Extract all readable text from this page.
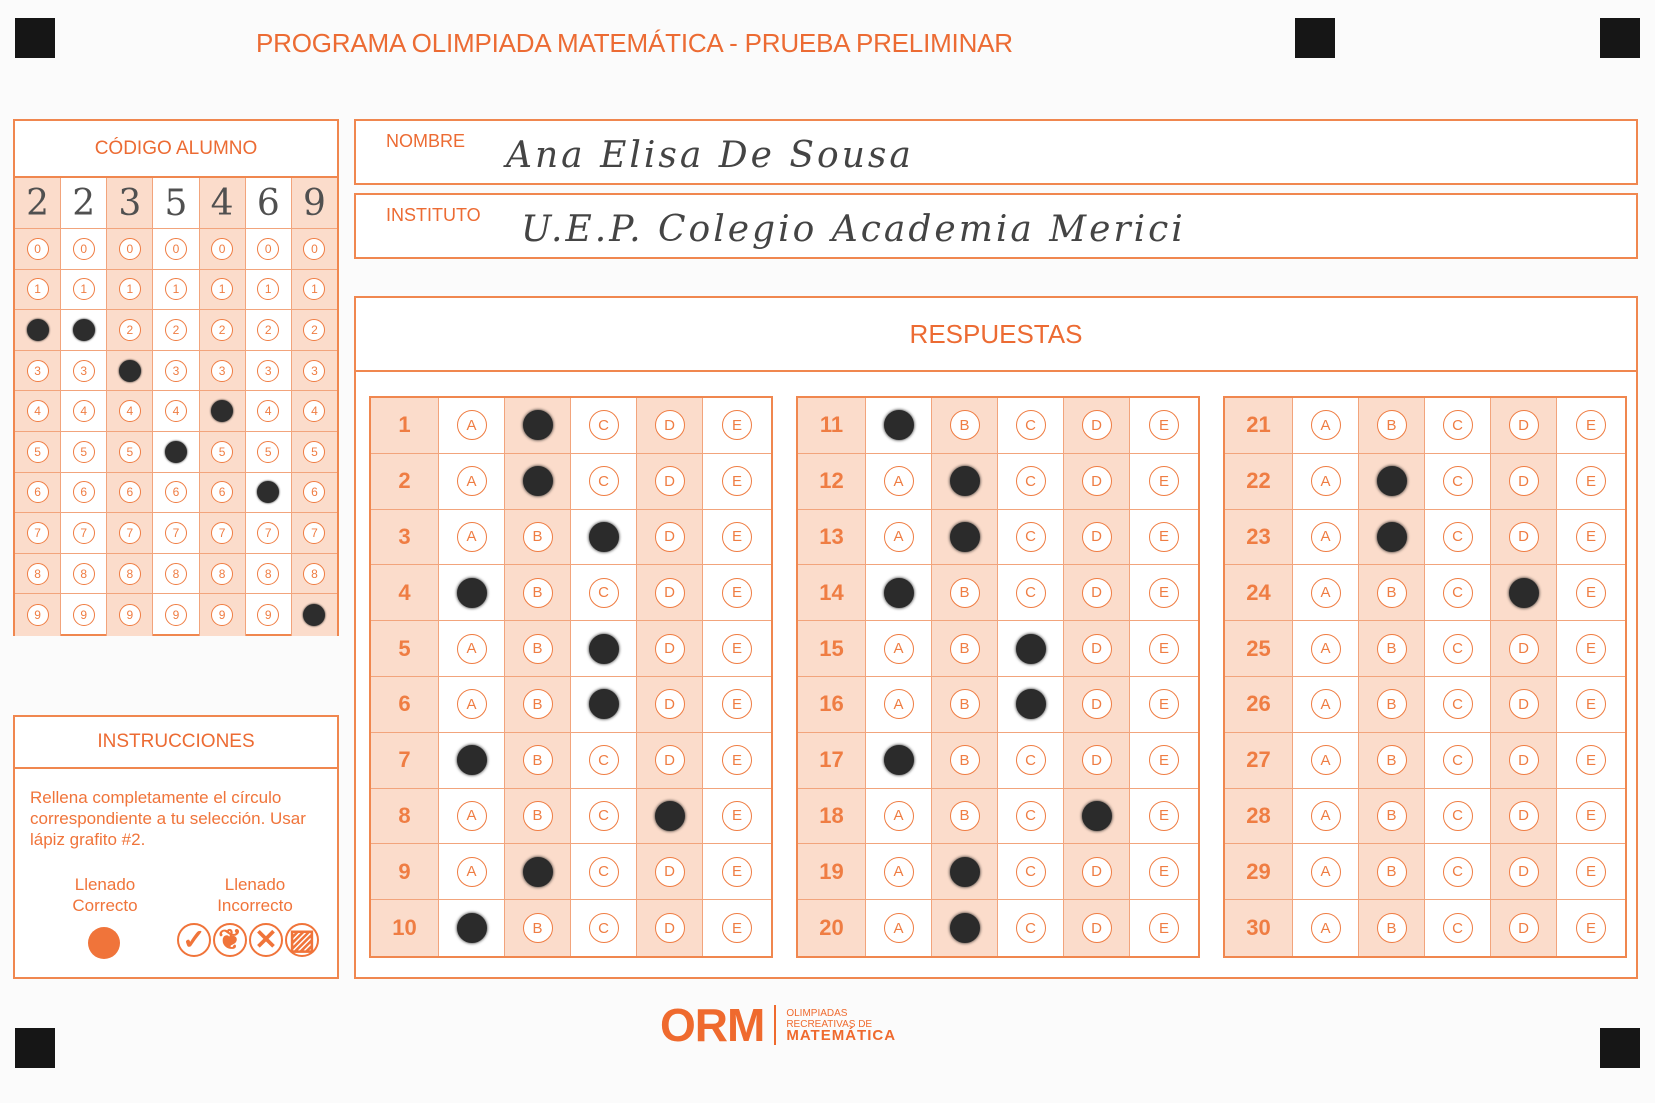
PROGRAMA OLIMPIADA MATEMÁTICA - PRUEBA PRELIMINAR
CÓDIGO ALUMNO
2
0
1
3
4
5
6
7
8
9
2
0
1
3
4
5
6
7
8
9
3
0
1
2
4
5
6
7
8
9
5
0
1
2
3
4
6
7
8
9
4
0
1
2
3
5
6
7
8
9
6
0
1
2
3
4
5
7
8
9
9
0
1
2
3
4
5
6
7
8
NOMBRE Ana Elisa De Sousa
INSTITUTO U.E.P. Colegio Academia Merici
RESPUESTAS
1
2
3
4
5
6
7
8
9
10
A
A
A
A
A
A
A
B
B
B
B
B
B
B
C
C
C
C
C
C
C
D
D
D
D
D
D
D
D
D
E
E
E
E
E
E
E
E
E
E
11
12
13
14
15
16
17
18
19
20
A
A
A
A
A
A
A
B
B
B
B
B
B
C
C
C
C
C
C
C
C
D
D
D
D
D
D
D
D
D
E
E
E
E
E
E
E
E
E
E
21
22
23
24
25
26
27
28
29
30
A
A
A
A
A
A
A
A
A
A
B
B
B
B
B
B
B
B
C
C
C
C
C
C
C
C
C
C
D
D
D
D
D
D
D
D
D
E
E
E
E
E
E
E
E
E
E
INSTRUCCIONES
Rellena completamente el círculo correspondiente a tu selección. Usar lápiz grafito #2.
Llenado Correcto
Llenado Incorrecto
✓ ❦ ✕ ▨
ORM OLIMPIADAS
RECREATIVAS DE
MATEMÁTICA
